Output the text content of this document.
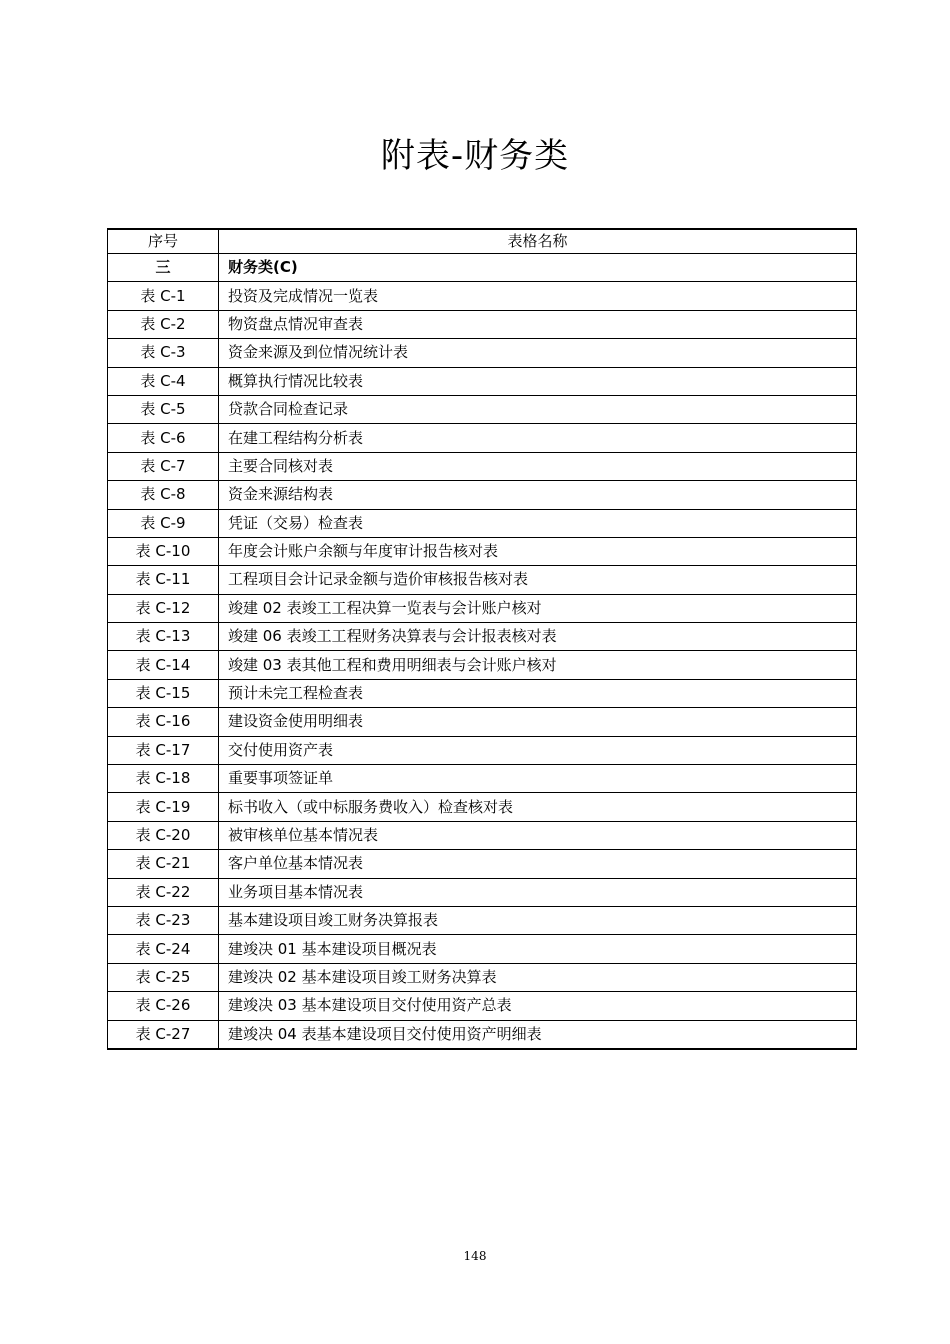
附表-财务类
序号	表格名称
三	财务类(C)
表 C-1	投资及完成情况一览表
表 C-2	物资盘点情况审查表
表 C-3	资金来源及到位情况统计表
表 C-4	概算执行情况比较表
表 C-5	贷款合同检查记录
表 C-6	在建工程结构分析表
表 C-7	主要合同核对表
表 C-8	资金来源结构表
表 C-9	凭证（交易）检查表
表 C-10	年度会计账户余额与年度审计报告核对表
表 C-11	工程项目会计记录金额与造价审核报告核对表
表 C-12	竣建 02 表竣工工程决算一览表与会计账户核对
表 C-13	竣建 06 表竣工工程财务决算表与会计报表核对表
表 C-14	竣建 03 表其他工程和费用明细表与会计账户核对
表 C-15	预计未完工程检查表
表 C-16	建设资金使用明细表
表 C-17	交付使用资产表
表 C-18	重要事项签证单
表 C-19	标书收入（或中标服务费收入）检查核对表
表 C-20	被审核单位基本情况表
表 C-21	客户单位基本情况表
表 C-22	业务项目基本情况表
表 C-23	基本建设项目竣工财务决算报表
表 C-24	建竣决 01 基本建设项目概况表
表 C-25	建竣决 02 基本建设项目竣工财务决算表
表 C-26	建竣决 03 基本建设项目交付使用资产总表
表 C-27	建竣决 04 表基本建设项目交付使用资产明细表
148
